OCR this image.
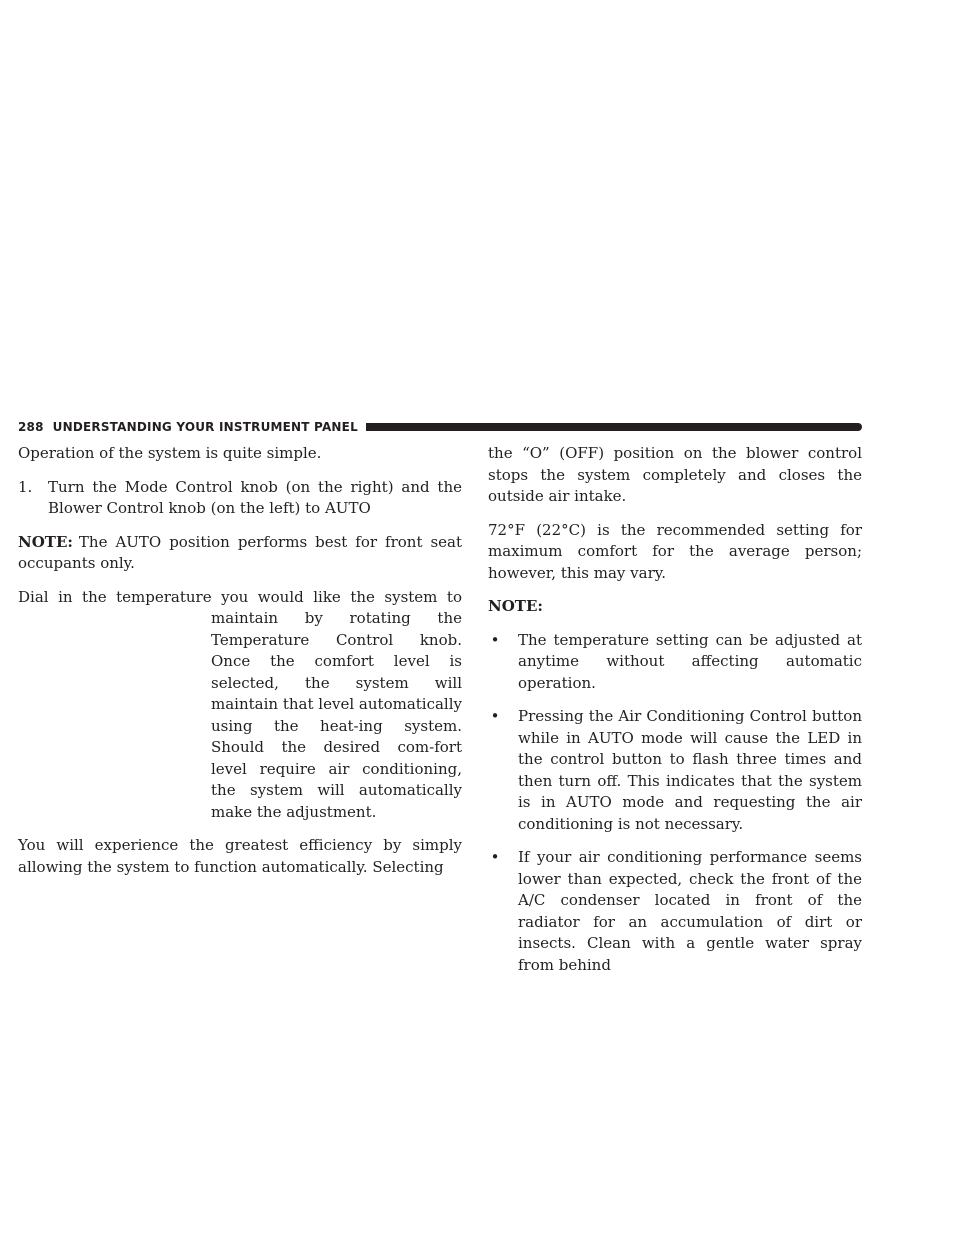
288 UNDERSTANDING YOUR INSTRUMENT PANEL

Operation of the system is quite simple.

1. Turn the Mode Control knob (on the right) and the Blower Control knob (on the left) to AUTO

NOTE: The AUTO position performs best for front seat occupants only.

Dial in the temperature you would like the system to
maintain by rotating the Temperature Control knob. Once the comfort level is selected, the system will maintain that level automatically using the heat-ing system. Should the desired com-fort level require air conditioning, the system will automatically make the adjustment.

You will experience the greatest efficiency by simply allowing the system to function automatically. Selecting

the “O” (OFF) position on the blower control stops the system completely and closes the outside air intake.

72°F (22°C) is the recommended setting for maximum comfort for the average person; however, this may vary.

NOTE:

• The temperature setting can be adjusted at anytime without affecting automatic operation.

• Pressing the Air Conditioning Control button while in AUTO mode will cause the LED in the control button to flash three times and then turn off. This indicates that the system is in AUTO mode and requesting the air conditioning is not necessary.

• If your air conditioning performance seems lower than expected, check the front of the A/C condenser located in front of the radiator for an accumulation of dirt or insects. Clean with a gentle water spray from behind
